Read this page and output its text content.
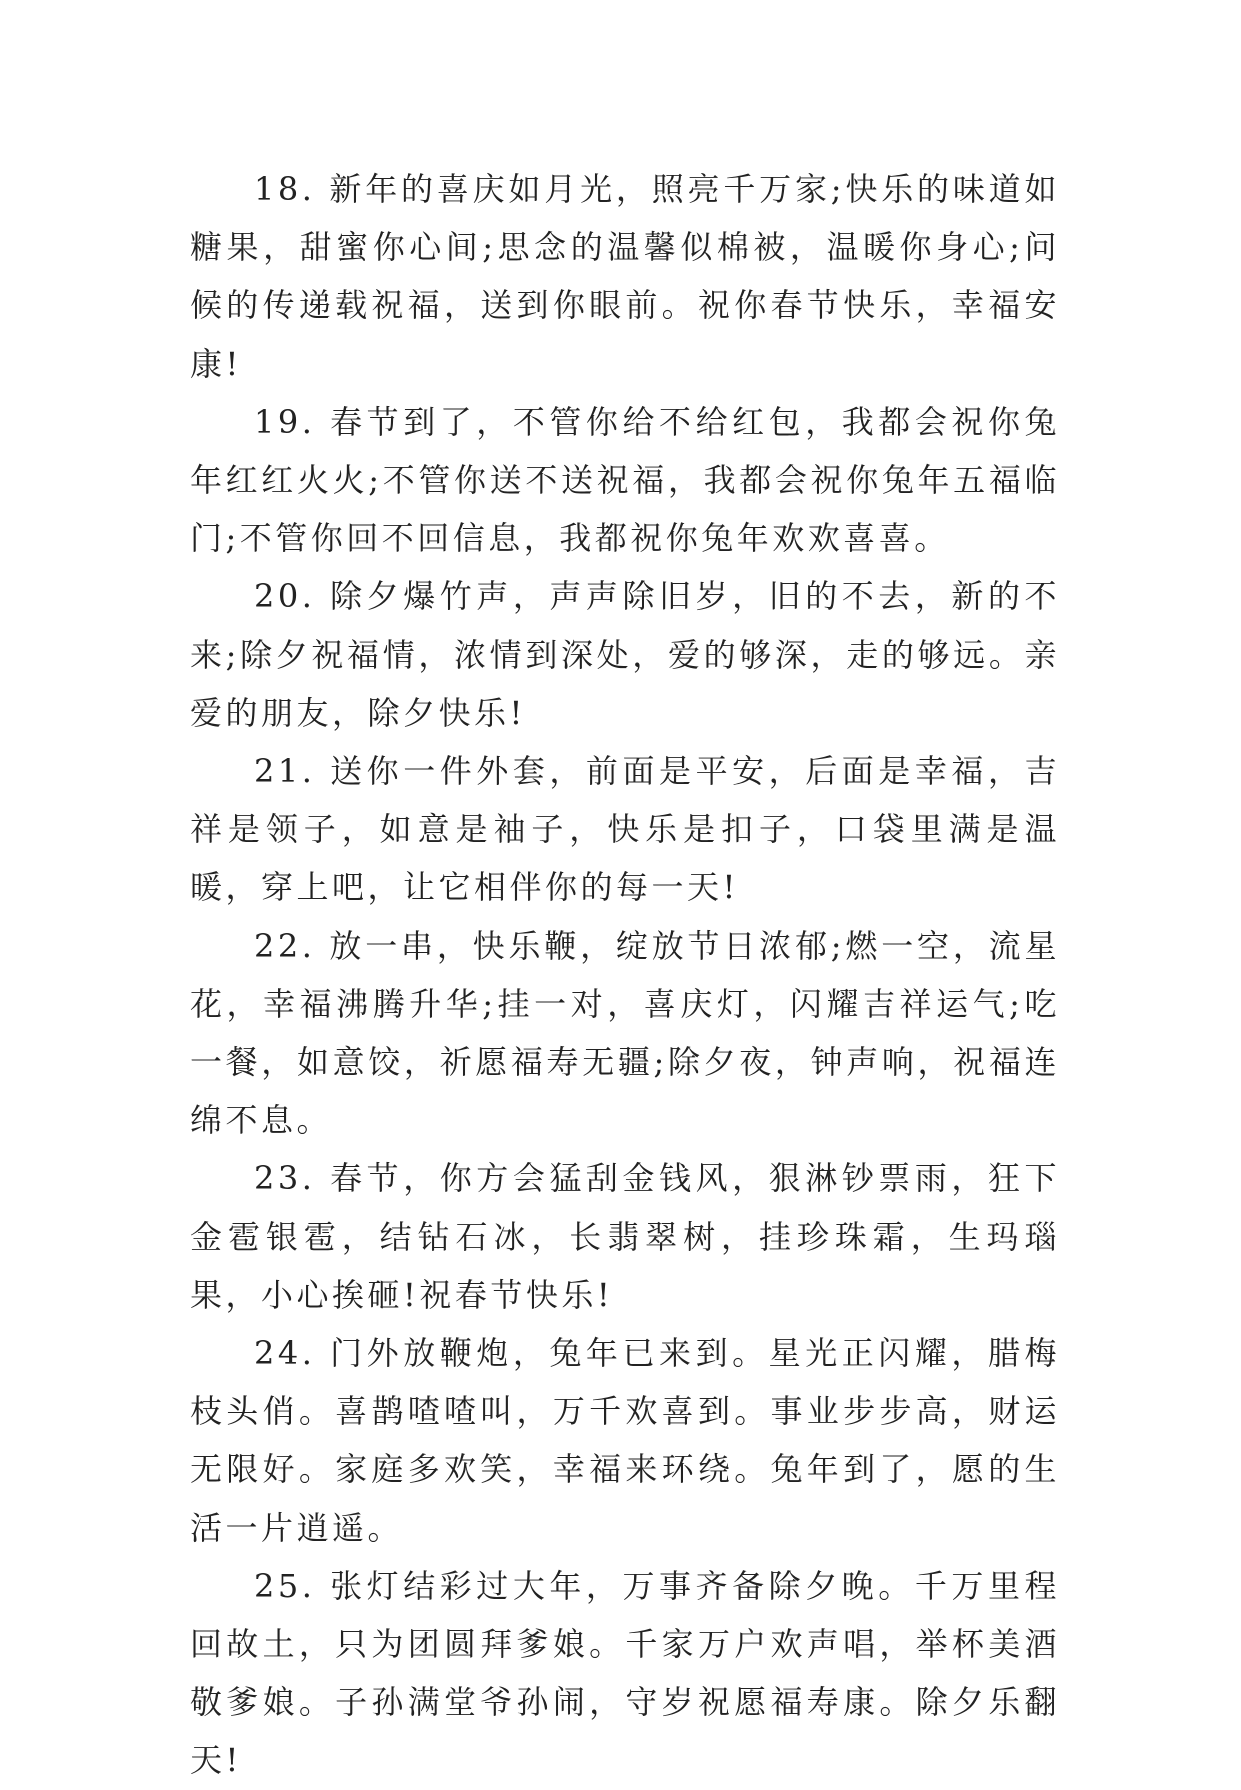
18. 新年的喜庆如月光，照亮千万家;快乐的味道如糖果，甜蜜你心间;思念的温馨似棉被，温暖你身心;问候的传递载祝福，送到你眼前。祝你春节快乐，幸福安康!

19. 春节到了，不管你给不给红包，我都会祝你兔年红红火火;不管你送不送祝福，我都会祝你兔年五福临门;不管你回不回信息，我都祝你兔年欢欢喜喜。

20. 除夕爆竹声，声声除旧岁，旧的不去，新的不来;除夕祝福情，浓情到深处，爱的够深，走的够远。亲爱的朋友，除夕快乐!

21. 送你一件外套，前面是平安，后面是幸福，吉祥是领子，如意是袖子，快乐是扣子，口袋里满是温暖，穿上吧，让它相伴你的每一天!

22. 放一串，快乐鞭，绽放节日浓郁;燃一空，流星花，幸福沸腾升华;挂一对，喜庆灯，闪耀吉祥运气;吃一餐，如意饺，祈愿福寿无疆;除夕夜，钟声响，祝福连绵不息。

23. 春节，你方会猛刮金钱风，狠淋钞票雨，狂下金雹银雹，结钻石冰，长翡翠树，挂珍珠霜，生玛瑙果，小心挨砸!祝春节快乐!

24. 门外放鞭炮，兔年已来到。星光正闪耀，腊梅枝头俏。喜鹊喳喳叫，万千欢喜到。事业步步高，财运无限好。家庭多欢笑，幸福来环绕。兔年到了，愿的生活一片逍遥。

25. 张灯结彩过大年，万事齐备除夕晚。千万里程回故土，只为团圆拜爹娘。千家万户欢声唱，举杯美酒敬爹娘。子孙满堂爷孙闹，守岁祝愿福寿康。除夕乐翻天!
